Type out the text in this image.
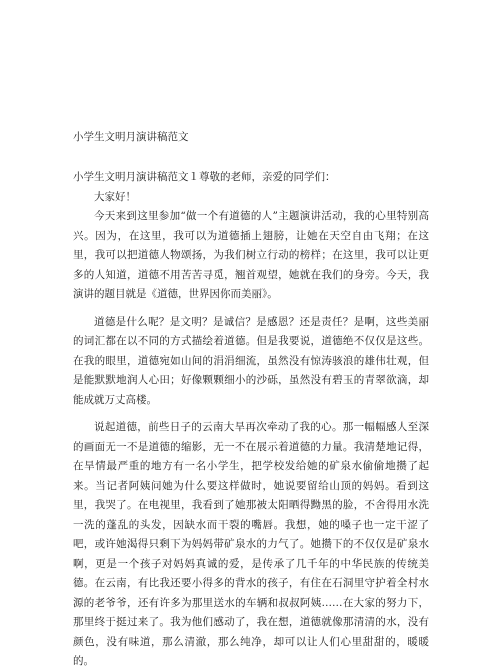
小学生文明月演讲稿范文

小学生文明月演讲稿范文１尊敬的老师，亲爱的同学们：

大家好！

今天来到这里参加“做一个有道德的人”主题演讲活动，我的心里特别高兴。因为，在这里，我可以为道德插上翅膀，让她在天空自由飞翔；在这里，我可以把道德人物颂扬，为我们树立行动的榜样；在这里，我可以让更多的人知道，道德不用苦苦寻觅，翘首观望，她就在我们的身旁。今天，我演讲的题目就是《道德，世界因你而美丽》。

道德是什么呢？是文明？是诚信？是感恩？还是责任？是啊，这些美丽的词汇都在以不同的方式描绘着道德。但是我要说，道德绝不仅仅是这些。在我的眼里，道德宛如山间的涓涓细流，虽然没有惊涛骇浪的雄伟壮观，但是能默默地润人心田；好像颗颗细小的沙砾，虽然没有碧玉的青翠欲滴，却能成就万丈高楼。

说起道德，前些日子的云南大旱再次牵动了我的心。那一幅幅感人至深的画面无一不是道德的缩影，无一不在展示着道德的力量。我清楚地记得，在旱情最严重的地方有一名小学生，把学校发给她的矿泉水偷偷地攒了起来。当记者阿姨问她为什么要这样做时，她说要留给山顶的妈妈。看到这里，我哭了。在电视里，我看到了她那被太阳晒得黝黑的脸，不舍得用水洗一洗的蓬乱的头发，因缺水而干裂的嘴唇。我想，她的嗓子也一定干涩了吧，或许她渴得只剩下为妈妈带矿泉水的力气了。她攒下的不仅仅是矿泉水啊，更是一个孩子对妈妈真诚的爱，是传承了几千年的中华民族的传统美德。在云南，有比我还要小得多的背水的孩子，有住在石洞里守护着全村水源的老爷爷，还有许多为那里送水的车辆和叔叔阿姨……在大家的努力下，那里终于挺过来了。我为他们感动了，我在想，道德就像那清清的水，没有颜色，没有味道，那么清澈，那么纯净，却可以让人们心里甜甜的，暖暖的。
